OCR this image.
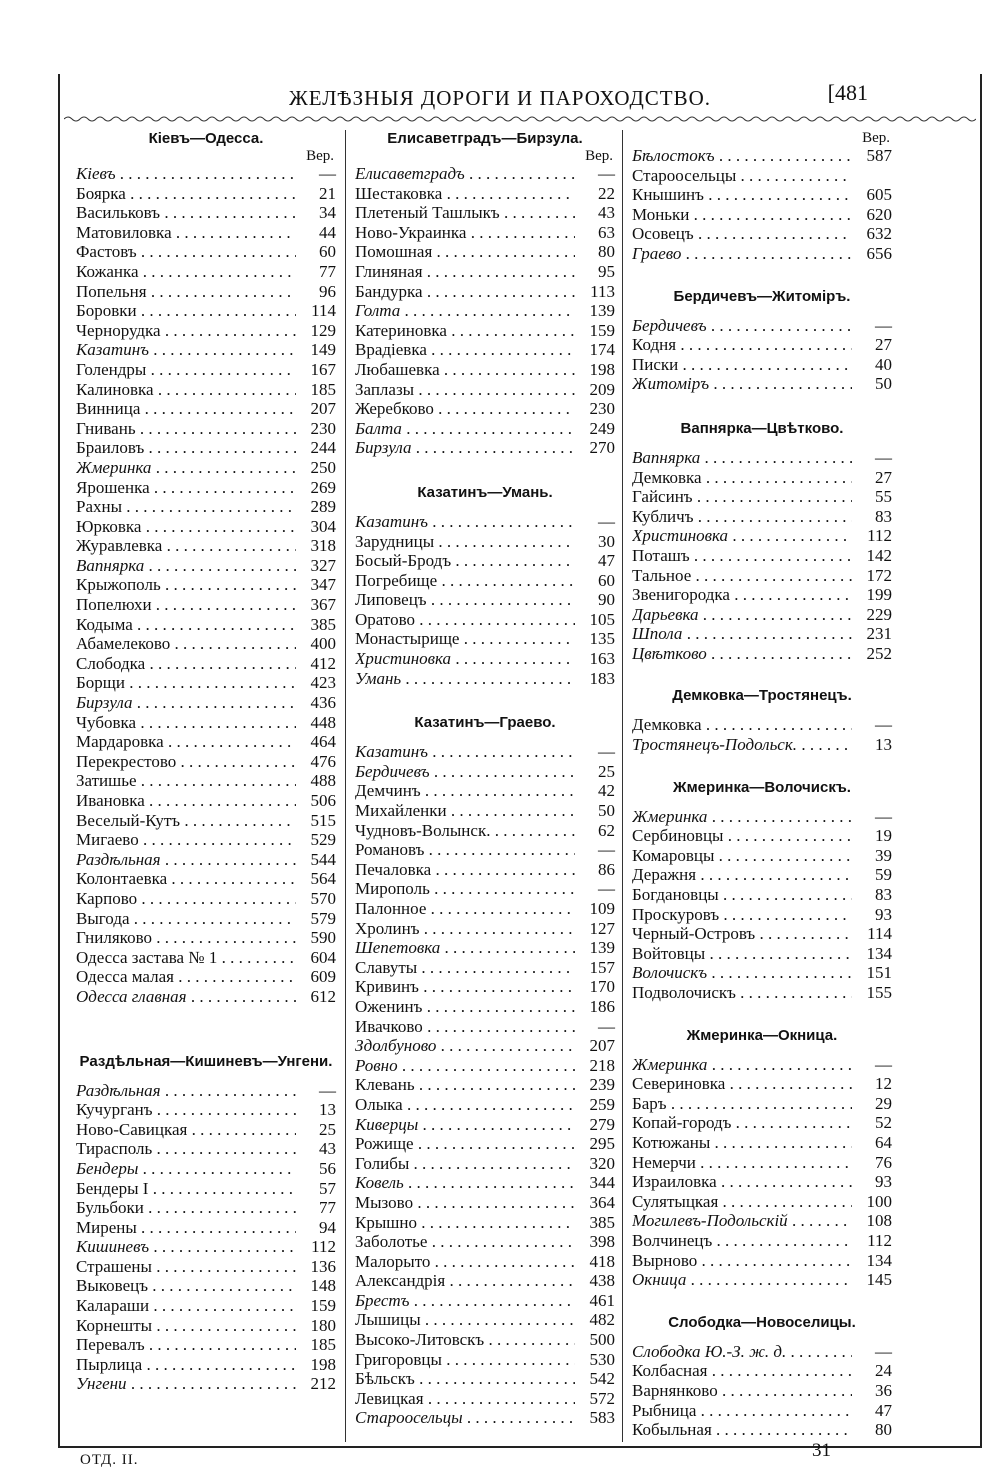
ЖЕЛѢЗНЫЯ ДОРОГИ И ПАРОХОДСТВО.	[481
Кіевъ—Одесса.
Вер.
Кіевъ . . .	—
Боярка . . .	21
Васильковъ . . .	34
Матовиловка . . .	44
Фастовъ . . .	60
Кожанка . . .	77
Попельня . . .	96
Боровки . . .	114
Чернорудка . . .	129
Казатинъ . . .	149
Голендры . . .	167
Калиновка . . .	185
Винница . . .	207
Гнивань . . .	230
Браиловъ . . .	244
Жмеринка . . .	250
Ярошенка . . .	269
Рахны . . .	289
Юрковка . . .	304
Журавлевка . . .	318
Вапнярка . . .	327
Крыжополь . . .	347
Попелюхи . . .	367
Кодыма . . .	385
Абамелеково . . .	400
Слободка . . .	412
Борщи . . .	423
Бирзула . . .	436
Чубовка . . .	448
Мардаровка . . .	464
Перекрестово . . .	476
Затишье . . .	488
Ивановка . . .	506
Веселый-Кутъ . . .	515
Мигаево . . .	529
Раздѣльная . . .	544
Колонтаевка . . .	564
Карпово . . .	570
Выгода . . .	579
Гниляково . . .	590
Одесса застава № 1 . . .	604
Одесса малая . . .	609
Одесса главная . . .	612
Раздѣльная—Кишиневъ—Унгени.
Раздѣльная . . .	—
Кучурганъ . . .	13
Ново-Савицкая . . .	25
Тирасполь . . .	43
Бендеры . . .	56
Бендеры I . . .	57
Бульбоки . . .	77
Мирены . . .	94
Кишиневъ . . .	112
Страшены . . .	136
Выковецъ . . .	148
Калараши . . .	159
Корнешты . . .	180
Перевалъ . . .	185
Пырлица . . .	198
Унгени . . .	212
Елисаветградъ—Бирзула.
Вер.
Елисаветградъ . . .	—
Шестаковка . . .	22
Плетеный Ташлыкъ . . .	43
Ново-Украинка . . .	63
Помошная . . .	80
Глиняная . . .	95
Бандурка . . .	113
Голта . . .	139
Катериновка . . .	159
Врадіевка . . .	174
Любашевка . . .	198
Заплазы . . .	209
Жеребково . . .	230
Балта . . .	249
Бирзула . . .	270
Казатинъ—Умань.
Казатинъ . . .	—
Зарудницы . . .	30
Босый-Бродъ . . .	47
Погребище . . .	60
Липовецъ . . .	90
Оратово . . .	105
Монастырище . . .	135
Христиновка . . .	163
Умань . . .	183
Казатинъ—Граево.
Казатинъ . . .	—
Бердичевъ . . .	25
Демчинъ . . .	42
Михайленки . . .	50
Чудновъ-Волынск. . . .	62
Романовъ . . .	—
Печаловка . . .	86
Мирополь . . .	—
Палонное . . .	109
Хролинъ . . .	127
Шепетовка . . .	139
Славуты . . .	157
Кривинъ . . .	170
Оженинъ . . .	186
Ивачково . . .	—
Здолбуново . . .	207
Ровно . . .	218
Клевань . . .	239
Олыка . . .	259
Киверцы . . .	279
Рожище . . .	295
Голибы . . .	320
Ковель . . .	344
Мызово . . .	364
Крышно . . .	385
Заболотье . . .	398
Малорыто . . .	418
Александрія . . .	438
Брестъ . . .	461
Лышицы . . .	482
Высоко-Литовскъ . . .	500
Григоровцы . . .	530
Бѣльскъ . . .	542
Левицкая . . .	572
Староосельцы . . .	583
Вер.
Бѣлостокъ . . .	587
Староосельцы . . .
Кнышинъ . . .	605
Моньки . . .	620
Осовецъ . . .	632
Граево . . .	656
Бердичевъ—Житоміръ.
Бердичевъ . . .	—
Кодня . . .	27
Писки . . .	40
Житоміръ . . .	50
Вапнярка—Цвѣтково.
Вапнярка . . .	—
Демковка . . .	27
Гайсинъ . . .	55
Кубличъ . . .	83
Христиновка . . .	112
Поташъ . . .	142
Тальное . . .	172
Звенигородка . . .	199
Дарьевка . . .	229
Шпола . . .	231
Цвѣтково . . .	252
Демковка—Тростянецъ.
Демковка . . .	—
Тростянецъ-Подольск. . . .	13
Жмеринка—Волочискъ.
Жмеринка . . .	—
Сербиновцы . . .	19
Комаровцы . . .	39
Деражня . . .	59
Богдановцы . . .	83
Проскуровъ . . .	93
Черный-Островъ . . .	114
Войтовцы . . .	134
Волочискъ . . .	151
Подволочискъ . . .	155
Жмеринка—Окница.
Жмеринка . . .	—
Севериновка . . .	12
Баръ . . .	29
Копай-городъ . . .	52
Котюжаны . . .	64
Немерчи . . .	76
Израиловка . . .	93
Сулятыцкая . . .	100
Могилевъ-Подольскій . . .	108
Волчинецъ . . .	112
Вырново . . .	134
Окница . . .	145
Слободка—Новоселицы.
Слободка Ю.-З. ж. д. . . .	—
Колбасная . . .	24
Варнянково . . .	36
Рыбница . . .	47
Кобыльная . . .	80
ОТД. II.	31
